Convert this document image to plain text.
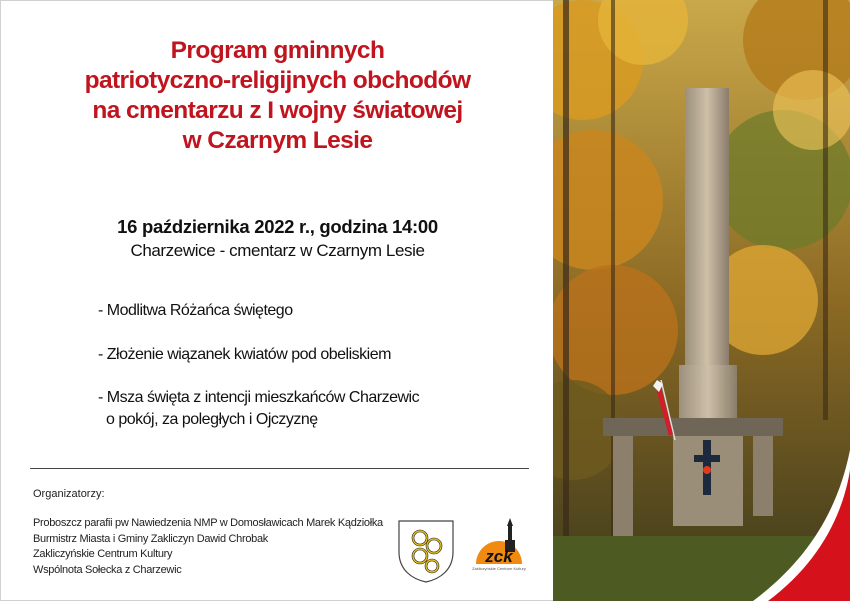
Program gminnych
patriotyczno-religijnych obchodów
na cmentarzu z I wojny światowej
w Czarnym Lesie
16 października 2022 r., godzina 14:00
Charzewice - cmentarz w Czarnym Lesie
- Modlitwa Różańca świętego
- Złożenie wiązanek kwiatów pod obeliskiem
- Msza święta z intencji mieszkańców Charzewic
o pokój, za poległych i Ojczyznę
Organizatorzy:
Proboszcz parafii pw Nawiedzenia NMP w Domosławicach Marek Kądziołka
Burmistrz Miasta i Gminy Zakliczyn Dawid Chrobak
Zakliczyńskie Centrum Kultury
Wspólnota Sołecka z Charzewic
zck
Zakliczyńskie Centrum Kultury
